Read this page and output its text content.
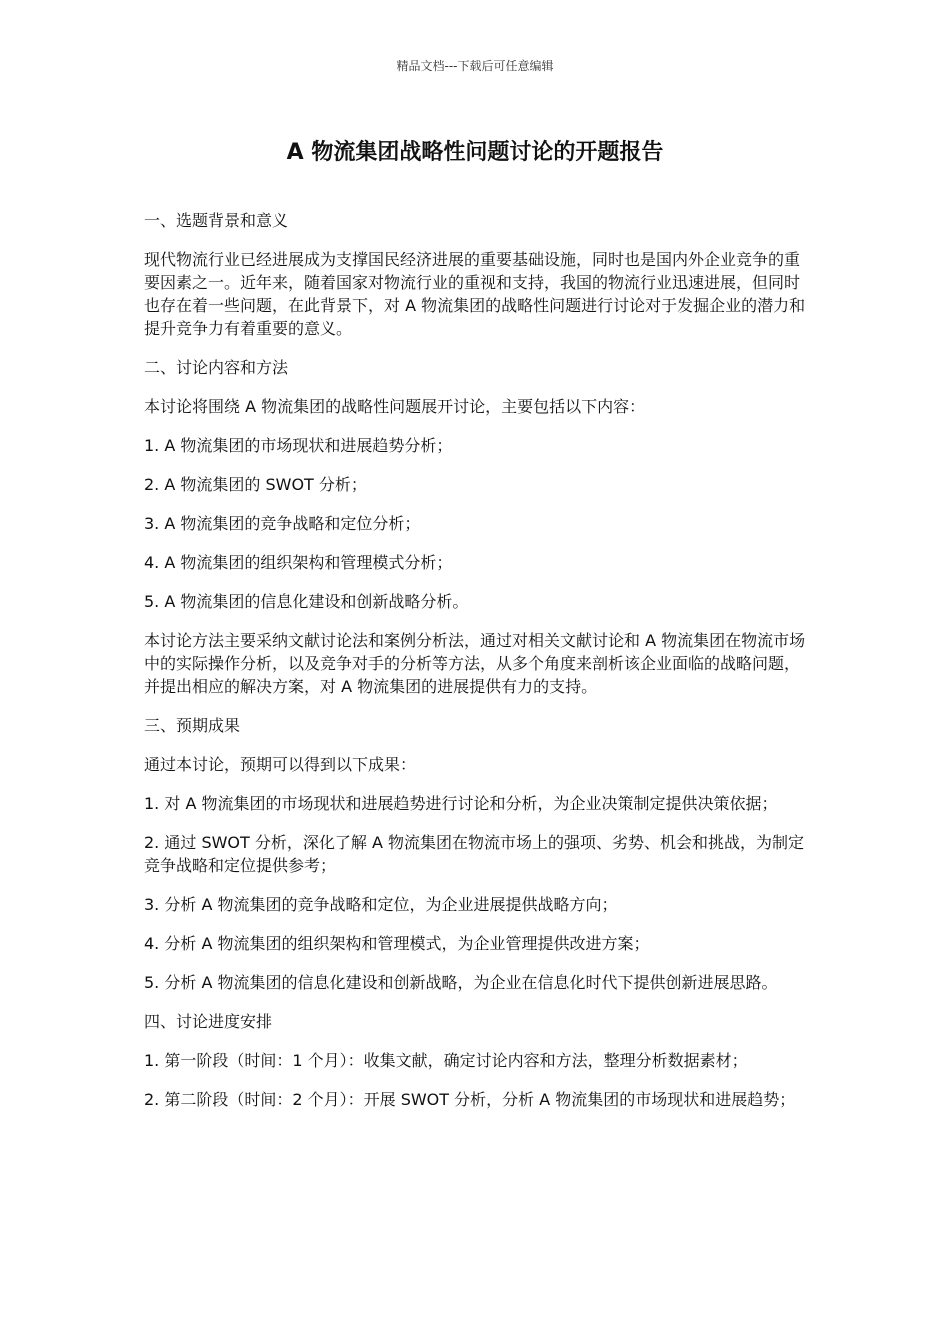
精品文档---下载后可任意编辑
A 物流集团战略性问题讨论的开题报告

一、选题背景和意义

现代物流行业已经进展成为支撑国民经济进展的重要基础设施，同时也是国内外企业竞争的重要因素之一。近年来，随着国家对物流行业的重视和支持，我国的物流行业迅速进展，但同时也存在着一些问题，在此背景下，对 A 物流集团的战略性问题进行讨论对于发掘企业的潜力和提升竞争力有着重要的意义。

二、讨论内容和方法

本讨论将围绕 A 物流集团的战略性问题展开讨论，主要包括以下内容：

1. A 物流集团的市场现状和进展趋势分析；

2. A 物流集团的 SWOT 分析；

3. A 物流集团的竞争战略和定位分析；

4. A 物流集团的组织架构和管理模式分析；

5. A 物流集团的信息化建设和创新战略分析。

本讨论方法主要采纳文献讨论法和案例分析法，通过对相关文献讨论和 A 物流集团在物流市场中的实际操作分析，以及竞争对手的分析等方法，从多个角度来剖析该企业面临的战略问题，并提出相应的解决方案，对 A 物流集团的进展提供有力的支持。

三、预期成果

通过本讨论，预期可以得到以下成果：

1. 对 A 物流集团的市场现状和进展趋势进行讨论和分析，为企业决策制定提供决策依据；

2. 通过 SWOT 分析，深化了解 A 物流集团在物流市场上的强项、劣势、机会和挑战，为制定竞争战略和定位提供参考；

3. 分析 A 物流集团的竞争战略和定位，为企业进展提供战略方向；

4. 分析 A 物流集团的组织架构和管理模式，为企业管理提供改进方案；

5. 分析 A 物流集团的信息化建设和创新战略，为企业在信息化时代下提供创新进展思路。

四、讨论进度安排

1. 第一阶段（时间：1 个月）：收集文献，确定讨论内容和方法，整理分析数据素材；

2. 第二阶段（时间：2 个月）：开展 SWOT 分析，分析 A 物流集团的市场现状和进展趋势；
